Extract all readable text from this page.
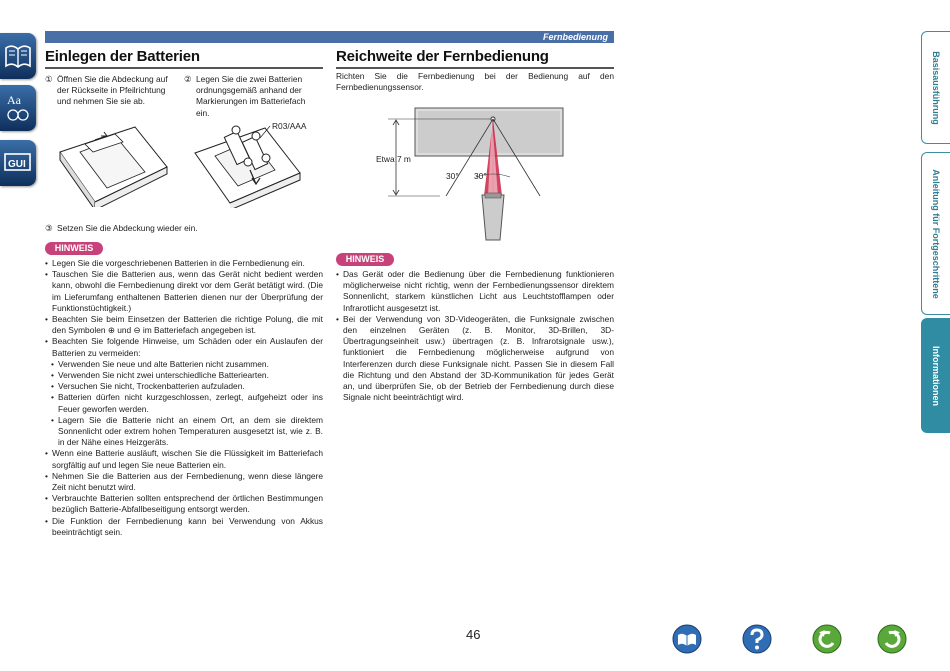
Aa
GUI
Fernbedienung
Einlegen der Batterien
① Öffnen Sie die Abdeckung auf der Rückseite in Pfeilrichtung und nehmen Sie sie ab.
② Legen Sie die zwei Batterien ordnungsgemäß anhand der Markierungen im Batteriefach ein.
R03/AAA
③ Setzen Sie die Abdeckung wieder ein.
HINWEIS
• Legen Sie die vorgeschriebenen Batterien in die Fernbedienung ein.
• Tauschen Sie die Batterien aus, wenn das Gerät nicht bedient werden kann, obwohl die Fernbedienung direkt vor dem Gerät betätigt wird. (Die im Lieferumfang enthaltenen Batterien dienen nur der Überprüfung der Funktionstüchtigkeit.)
• Beachten Sie beim Einsetzen der Batterien die richtige Polung, die mit den Symbolen ⊕ und ⊖ im Batteriefach angegeben ist.
• Beachten Sie folgende Hinweise, um Schäden oder ein Auslaufen der Batterien zu vermeiden:
• Verwenden Sie neue und alte Batterien nicht zusammen.
• Verwenden Sie nicht zwei unterschiedliche Batteriearten.
• Versuchen Sie nicht, Trockenbatterien aufzuladen.
• Batterien dürfen nicht kurzgeschlossen, zerlegt, aufgeheizt oder ins Feuer geworfen werden.
• Lagern Sie die Batterie nicht an einem Ort, an dem sie direktem Sonnenlicht oder extrem hohen Temperaturen ausgesetzt ist, wie z. B. in der Nähe eines Heizgeräts.
• Wenn eine Batterie ausläuft, wischen Sie die Flüssigkeit im Batteriefach sorgfältig auf und legen Sie neue Batterien ein.
• Nehmen Sie die Batterien aus der Fernbedienung, wenn diese längere Zeit nicht benutzt wird.
• Verbrauchte Batterien sollten entsprechend der örtlichen Bestimmungen bezüglich Batterie-Abfallbeseitigung entsorgt werden.
• Die Funktion der Fernbedienung kann bei Verwendung von Akkus beeinträchtigt sein.
Reichweite der Fernbedienung
Richten Sie die Fernbedienung bei der Bedienung auf den Fernbedienungssensor.
Etwa 7 m
30° 30°
HINWEIS
• Das Gerät oder die Bedienung über die Fernbedienung funktionieren möglicherweise nicht richtig, wenn der Fernbedienungssensor direktem Sonnenlicht, starkem künstlichen Licht aus Leuchtstofflampen oder Infrarotlicht ausgesetzt ist.
• Bei der Verwendung von 3D-Videogeräten, die Funksignale zwischen den einzelnen Geräten (z. B. Monitor, 3D-Brillen, 3D-Übertragungseinheit usw.) übertragen (z. B. Infrarotsignale usw.), funktioniert die Fernbedienung möglicherweise aufgrund von Interferenzen durch diese Funksignale nicht. Passen Sie in diesem Fall die Richtung und den Abstand der 3D-Kommunikation für jedes Gerät an, und überprüfen Sie, ob der Betrieb der Fernbedienung durch diese Signale nicht beeinträchtigt wird.
Basisausführung
Anleitung für Fortgeschrittene
Informationen
46
